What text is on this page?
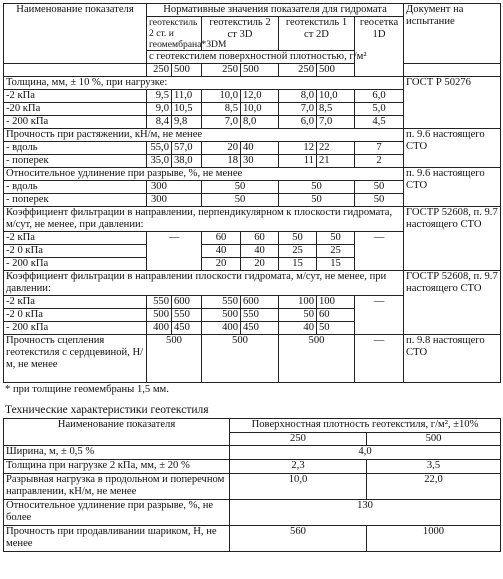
Наименование показателя	Нормативные значения показателя для гидромата							Документ на испытание
	геотекстиль 2 ст. и геомембрана*3DM		геотекстиль 2 ст 3D		геотекстиль 1 ст 2D		геосетка 1D	
	с геотекстилем поверхностной плотностью, г/м²							
	250	500	250	500	250	500		
Толщина, мм, ± 10 %, при нагрузке:								ГОСТ Р 50276
-2 кПа	9,5	11,0	10,0	12,0	8,0	10,0	6,0	
-20 кПа	9,0	10,5	8,5	10,0	7,0	8,5	5,0	
- 200 кПа	8,4	9,8	7,0	8,0	6,0	7,0	4,5	
Прочность при растяжении, кН/м, не менее								п. 9.6 настоящего СТО
- вдоль	55,0	57,0	20	40	12	22	7	
- поперек	35,0	38,0	18	30	11	21	2	
Относительное удлинение при разрыве, %, не менее								п. 9.6 настоящего СТО
- вдоль	300		50		50		50	
- поперек	300		50		50		50	
Коэффициент фильтрации в направлении, перпендикулярном к плоскости гидромата, м/сут, не менее, при давлении:								ГОСТР 52608, п. 9.7 настоящего СТО
-2 кПа	—		60	60	50	50	—	
-2 0 кПа			40	40	25	25		
- 200 кПа			20	20	15	15		
Коэффициент фильтрации в направлении плоскости гидромата, м/сут, не менее, при давлении:								ГОСТР 52608, п. 9.7 настоящего СТО
-2 кПа	550	600	550	600	100	100	—	
-2 0 кПа	500	550	500	550	50	60		
- 200 кПа	400	450	400	450	40	50		
Прочность сцепления геотекстиля с сердцевиной, Н/м, не менее	500		500		500		—	п. 9.8 настоящего СТО
* при толщине геомембраны 1,5 мм.
Технические характеристики геотекстиля
Наименование показателя	Поверхностная плотность геотекстиля, г/м², ±10%	
	250	500
Ширина, м, ± 0,5 %	4,0	
Толщина при нагрузке 2 кПа, мм, ± 20 %	2,3	3,5
Разрывная нагрузка в продольном и поперечном направлении, кН/м, не менее	10,0	22,0
Относительное удлинение при разрыве, %, не более	130	
Прочность при продавливании шариком, Н, не менее	560	1000
